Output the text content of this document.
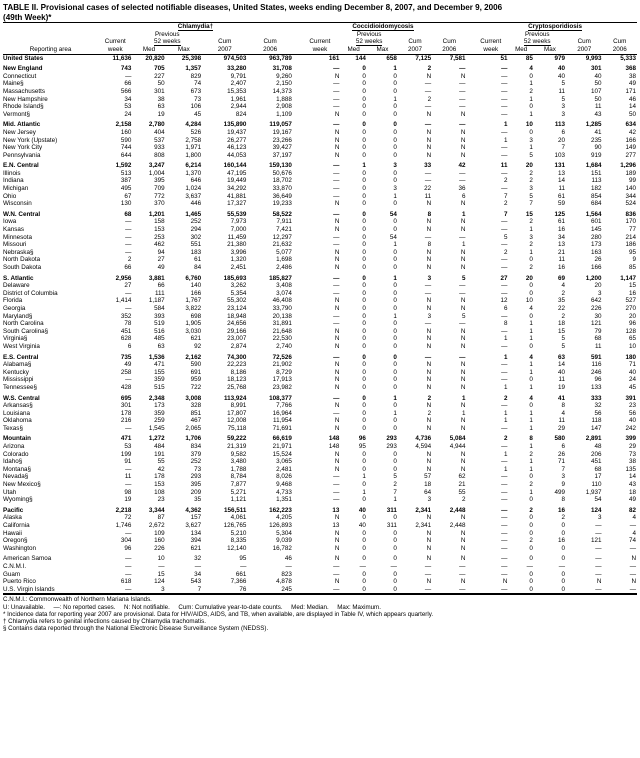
TABLE II. Provisional cases of selected notifiable diseases, United States, weeks ending December 8, 2007, and December 9, 2006
(49th Week)*
	Chlamydia†						Coccidioidomycosis						Cryptosporidiosis				
		Previous						Previous						Previous			
	Current	52 weeks		Cum	Cum		Current	52 weeks		Cum	Cum		Current	52 weeks		Cum	Cum
Reporting area	week	Med	Max	2007	2006		week	Med	Max	2007	2006		week	Med	Max	2007	2006
United States	11,636	20,820	25,398	974,503	963,789		161	144	658	7,125	7,581		51	85	979	9,993	5,333

New England	743	705	1,357	33,280	31,708		—	0	1	2	—		—	4	40	301	368
Connecticut	—	227	829	9,791	9,260		N	0	0	N	N		—	0	40	40	38
Maine§	66	50	74	2,407	2,150		—	0	0	—	—		—	1	5	50	49
Massachusetts	566	301	673	15,353	14,373		—	0	0	—	—		—	2	11	107	171
New Hampshire	34	38	73	1,961	1,888		—	0	1	2	—		—	1	5	50	46
Rhode Island§	53	63	106	2,944	2,908		—	0	0	—	—		—	0	3	11	14
Vermont§	24	19	45	824	1,109		N	0	0	N	N		—	1	3	43	50

Mid. Atlantic	2,158	2,780	4,284	135,890	119,057		—	0	0	—	—		1	10	113	1,285	634
New Jersey	160	404	526	19,437	19,167		N	0	0	N	N		—	0	6	41	42
New York (Upstate)	590	537	2,758	26,277	23,266		N	0	0	N	N		1	3	20	235	166
New York City	744	933	1,971	46,123	39,427		N	0	0	N	N		—	1	7	90	149
Pennsylvania	644	808	1,800	44,053	37,197		N	0	0	N	N		—	5	103	919	277

E.N. Central	1,592	3,247	6,214	160,144	159,130		—	1	3	33	42		11	20	131	1,684	1,296
Illinois	513	1,004	1,370	47,195	50,676		—	0	0	—	—		—	2	13	151	189
Indiana	387	395	646	19,449	18,702		—	0	0	—	—		2	2	14	113	99
Michigan	495	709	1,024	34,292	33,870		—	0	3	22	36		—	3	11	182	140
Ohio	67	772	3,637	41,881	36,649		—	0	1	11	6		7	5	61	854	344
Wisconsin	130	370	446	17,327	19,233		N	0	0	N	N		2	7	59	684	524

W.N. Central	68	1,201	1,465	55,539	58,522		—	0	54	8	1		7	15	125	1,564	836
Iowa	—	158	252	7,973	7,911		N	0	0	N	N		—	2	61	601	170
Kansas	—	153	294	7,000	7,421		N	0	0	N	N		—	1	16	145	77
Minnesota	—	253	302	11,459	12,297		—	0	54	—	—		5	3	34	280	214
Missouri	—	462	551	21,380	21,632		—	0	1	8	1		—	2	13	173	186
Nebraska§	—	94	183	3,996	5,077		N	0	0	N	N		2	1	21	163	95
North Dakota	2	27	61	1,320	1,698		N	0	0	N	N		—	0	11	26	9
South Dakota	66	49	84	2,451	2,486		N	0	0	N	N		—	2	16	166	85

S. Atlantic	2,956	3,881	6,760	185,693	185,827		—	0	1	3	5		27	20	69	1,200	1,147
Delaware	27	66	140	3,262	3,408		—	0	0	—	—		—	0	4	20	15
District of Columbia	—	111	166	5,354	3,074		—	0	0	—	—		—	0	2	3	16
Florida	1,414	1,187	1,767	55,302	46,408		N	0	0	N	N		12	10	35	642	527
Georgia	—	584	3,822	23,124	33,790		N	0	0	N	N		6	4	22	226	270
Maryland§	352	393	698	18,948	20,138		—	0	1	3	5		—	0	2	30	20
North Carolina	78	519	1,905	24,656	31,891		—	0	0	—	—		8	1	18	121	96
South Carolina§	451	516	3,030	29,166	21,648		N	0	0	N	N		—	1	15	79	128
Virginia§	628	485	621	23,007	22,530		N	0	0	N	N		1	1	5	68	65
West Virginia	6	63	92	2,874	2,740		N	0	0	N	N		—	0	5	11	10

E.S. Central	735	1,536	2,162	74,300	72,526		—	0	0	—	—		1	4	63	591	180
Alabama§	49	471	590	22,223	21,902		N	0	0	N	N		—	1	14	116	71
Kentucky	258	155	691	8,186	8,729		N	0	0	N	N		—	1	40	246	40
Mississippi	—	359	959	18,123	17,913		N	0	0	N	N		—	0	11	96	24
Tennessee§	428	515	722	25,768	23,982		N	0	0	N	N		1	1	19	133	45

W.S. Central	695	2,348	3,008	113,924	108,377		—	0	1	2	1		2	4	41	333	391
Arkansas§	301	173	328	8,991	7,766		N	0	0	N	N		—	0	8	32	23
Louisiana	178	359	851	17,807	16,964		—	0	1	2	1		1	1	4	56	56
Oklahoma	216	259	467	12,008	11,954		N	0	0	N	N		1	1	11	118	40
Texas§	—	1,545	2,065	75,118	71,691		N	0	0	N	N		—	1	29	147	242

Mountain	471	1,272	1,706	59,222	66,619		148	96	293	4,736	5,084		2	8	580	2,891	399
Arizona	53	484	834	21,319	21,971		148	95	293	4,594	4,944		—	1	6	48	29
Colorado	199	191	379	9,582	15,524		N	0	0	N	N		1	2	26	206	73
Idaho§	91	55	252	3,480	3,065		N	0	0	N	N		—	1	71	451	38
Montana§	—	42	73	1,788	2,481		N	0	0	N	N		1	1	7	68	135
Nevada§	11	178	293	8,784	8,026		—	1	5	57	62		—	0	3	17	14
New Mexico§	—	153	395	7,877	9,468		—	0	2	18	21		—	2	9	110	43
Utah	98	108	209	5,271	4,733		—	1	7	64	55		—	1	499	1,937	18
Wyoming§	19	23	35	1,121	1,351		—	0	1	3	2		—	0	8	54	49

Pacific	2,218	3,344	4,362	156,511	162,223		13	40	311	2,341	2,448		—	2	16	124	82
Alaska	72	87	157	4,061	4,205		N	0	0	N	N		—	0	2	3	4
California	1,746	2,672	3,627	126,765	126,893		13	40	311	2,341	2,448		—	0	0	—	—
Hawaii	—	109	134	5,210	5,304		N	0	0	N	N		—	0	0	—	4
Oregon§	304	160	394	8,335	9,039		N	0	0	N	N		—	2	16	121	74
Washington	96	226	621	12,140	16,782		N	0	0	N	N		—	0	0	—	—

American Samoa	—	10	32	95	46		N	0	0	N	N		—	0	0	—	N
C.N.M.I.	—	—	—	—	—		—	—	—	—	—		—	—	—	—	—
Guam	—	15	34	661	823		—	0	0	—	—		—	0	0	—	—
Puerto Rico	618	124	543	7,366	4,878		N	0	0	N	N		N	0	0	N	N
U.S. Virgin Islands	—	3	7	76	245		—	0	0	—	—		—	0	0	—	—
C.N.M.I.: Commonwealth of Northern Mariana Islands.
U: Unavailable.     —: No reported cases.     N: Not notifiable.     Cum: Cumulative year-to-date counts.     Med: Median.     Max: Maximum.
* Incidence data for reporting year 2007 are provisional. Data for HIV/AIDS, AIDS, and TB, when available, are displayed in Table IV, which appears quarterly.
† Chlamydia refers to genital infections caused by Chlamydia trachomatis.
§ Contains data reported through the National Electronic Disease Surveillance System (NEDSS).
